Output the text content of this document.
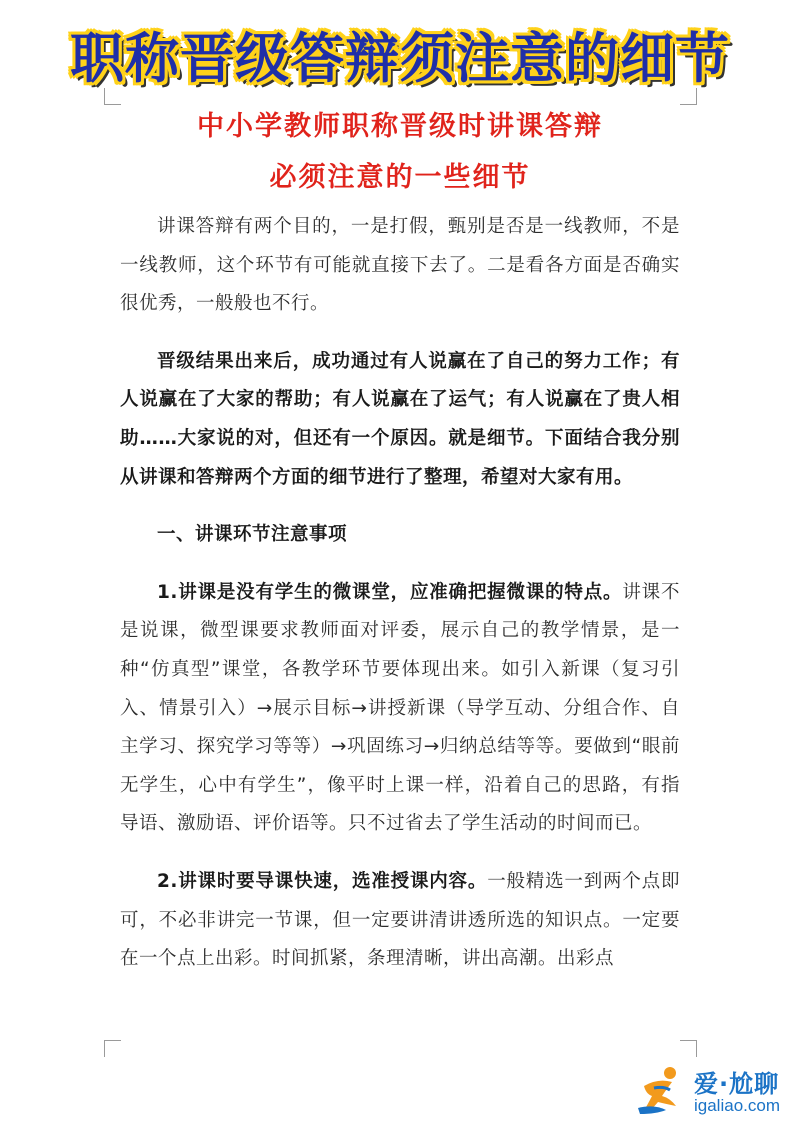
职称晋级答辩须注意的细节
中小学教师职称晋级时讲课答辩
必须注意的一些细节

讲课答辩有两个目的，一是打假，甄别是否是一线教师，不是一线教师，这个环节有可能就直接下去了。二是看各方面是否确实很优秀，一般般也不行。

晋级结果出来后，成功通过有人说赢在了自己的努力工作；有人说赢在了大家的帮助；有人说赢在了运气；有人说赢在了贵人相助……大家说的对，但还有一个原因。就是细节。下面结合我分别从讲课和答辩两个方面的细节进行了整理，希望对大家有用。

一、讲课环节注意事项

1.讲课是没有学生的微课堂，应准确把握微课的特点。讲课不是说课，微型课要求教师面对评委，展示自己的教学情景，是一种“仿真型”课堂，各教学环节要体现出来。如引入新课（复习引入、情景引入）→展示目标→讲授新课（导学互动、分组合作、自主学习、探究学习等等）→巩固练习→归纳总结等等。要做到“眼前无学生，心中有学生”，像平时上课一样，沿着自己的思路，有指导语、激励语、评价语等。只不过省去了学生活动的时间而已。

2.讲课时要导课快速，选准授课内容。一般精选一到两个点即可，不必非讲完一节课，但一定要讲清讲透所选的知识点。一定要在一个点上出彩。时间抓紧，条理清晰，讲出高潮。出彩点

爱·尬聊
igaliao.com
